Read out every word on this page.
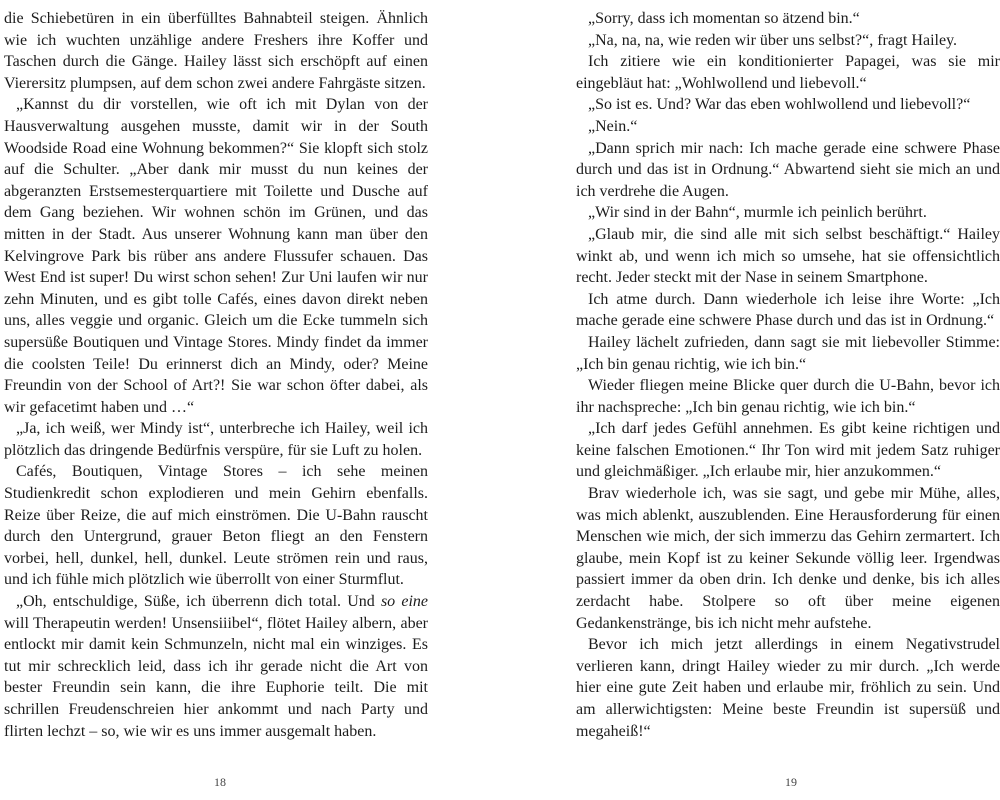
die Schiebetüren in ein überfülltes Bahnabteil steigen. Ähnlich wie ich wuchten unzählige andere Freshers ihre Koffer und Taschen durch die Gänge. Hailey lässt sich erschöpft auf einen Vierersitz plumpsen, auf dem schon zwei andere Fahrgäste sitzen.

„Kannst du dir vorstellen, wie oft ich mit Dylan von der Hausverwaltung ausgehen musste, damit wir in der South Woodside Road eine Wohnung bekommen?“ Sie klopft sich stolz auf die Schulter. „Aber dank mir musst du nun keines der abgeranzten Erstsemesterquartiere mit Toilette und Dusche auf dem Gang beziehen. Wir wohnen schön im Grünen, und das mitten in der Stadt. Aus unserer Wohnung kann man über den Kelvingrove Park bis rüber ans andere Flussufer schauen. Das West End ist super! Du wirst schon sehen! Zur Uni laufen wir nur zehn Minuten, und es gibt tolle Cafés, eines davon direkt neben uns, alles veggie und organic. Gleich um die Ecke tummeln sich supersüße Boutiquen und Vintage Stores. Mindy findet da immer die coolsten Teile! Du erinnerst dich an Mindy, oder? Meine Freundin von der School of Art?! Sie war schon öfter dabei, als wir gefacetimt haben und …“

„Ja, ich weiß, wer Mindy ist“, unterbreche ich Hailey, weil ich plötzlich das dringende Bedürfnis verspüre, für sie Luft zu holen.

Cafés, Boutiquen, Vintage Stores – ich sehe meinen Studienkredit schon explodieren und mein Gehirn ebenfalls. Reize über Reize, die auf mich einströmen. Die U-Bahn rauscht durch den Untergrund, grauer Beton fliegt an den Fenstern vorbei, hell, dunkel, hell, dunkel. Leute strömen rein und raus, und ich fühle mich plötzlich wie überrollt von einer Sturmflut.

„Oh, entschuldige, Süße, ich überrenn dich total. Und so eine will Therapeutin werden! Unsensiiibel“, flötet Hailey albern, aber entlockt mir damit kein Schmunzeln, nicht mal ein winziges. Es tut mir schrecklich leid, dass ich ihr gerade nicht die Art von bester Freundin sein kann, die ihre Euphorie teilt. Die mit schrillen Freudenschreien hier ankommt und nach Party und flirten lechzt – so, wie wir es uns immer ausgemalt haben.

„Sorry, dass ich momentan so ätzend bin.“

„Na, na, na, wie reden wir über uns selbst?“, fragt Hailey.

Ich zitiere wie ein konditionierter Papagei, was sie mir eingebläut hat: „Wohlwollend und liebevoll.“

„So ist es. Und? War das eben wohlwollend und liebevoll?“

„Nein.“

„Dann sprich mir nach: Ich mache gerade eine schwere Phase durch und das ist in Ordnung.“ Abwartend sieht sie mich an und ich verdrehe die Augen.

„Wir sind in der Bahn“, murmle ich peinlich berührt.

„Glaub mir, die sind alle mit sich selbst beschäftigt.“ Hailey winkt ab, und wenn ich mich so umsehe, hat sie offensichtlich recht. Jeder steckt mit der Nase in seinem Smartphone.

Ich atme durch. Dann wiederhole ich leise ihre Worte: „Ich mache gerade eine schwere Phase durch und das ist in Ordnung.“

Hailey lächelt zufrieden, dann sagt sie mit liebevoller Stimme: „Ich bin genau richtig, wie ich bin.“

Wieder fliegen meine Blicke quer durch die U-Bahn, bevor ich ihr nachspreche: „Ich bin genau richtig, wie ich bin.“

„Ich darf jedes Gefühl annehmen. Es gibt keine richtigen und keine falschen Emotionen.“ Ihr Ton wird mit jedem Satz ruhiger und gleichmäßiger. „Ich erlaube mir, hier anzukommen.“

Brav wiederhole ich, was sie sagt, und gebe mir Mühe, alles, was mich ablenkt, auszublenden. Eine Herausforderung für einen Menschen wie mich, der sich immerzu das Gehirn zermartert. Ich glaube, mein Kopf ist zu keiner Sekunde völlig leer. Irgendwas passiert immer da oben drin. Ich denke und denke, bis ich alles zerdacht habe. Stolpere so oft über meine eigenen Gedankenstränge, bis ich nicht mehr aufstehe.

Bevor ich mich jetzt allerdings in einem Negativstrudel verlieren kann, dringt Hailey wieder zu mir durch. „Ich werde hier eine gute Zeit haben und erlaube mir, fröhlich zu sein. Und am allerwichtigsten: Meine beste Freundin ist supersüß und megaheiß!“

18	19
